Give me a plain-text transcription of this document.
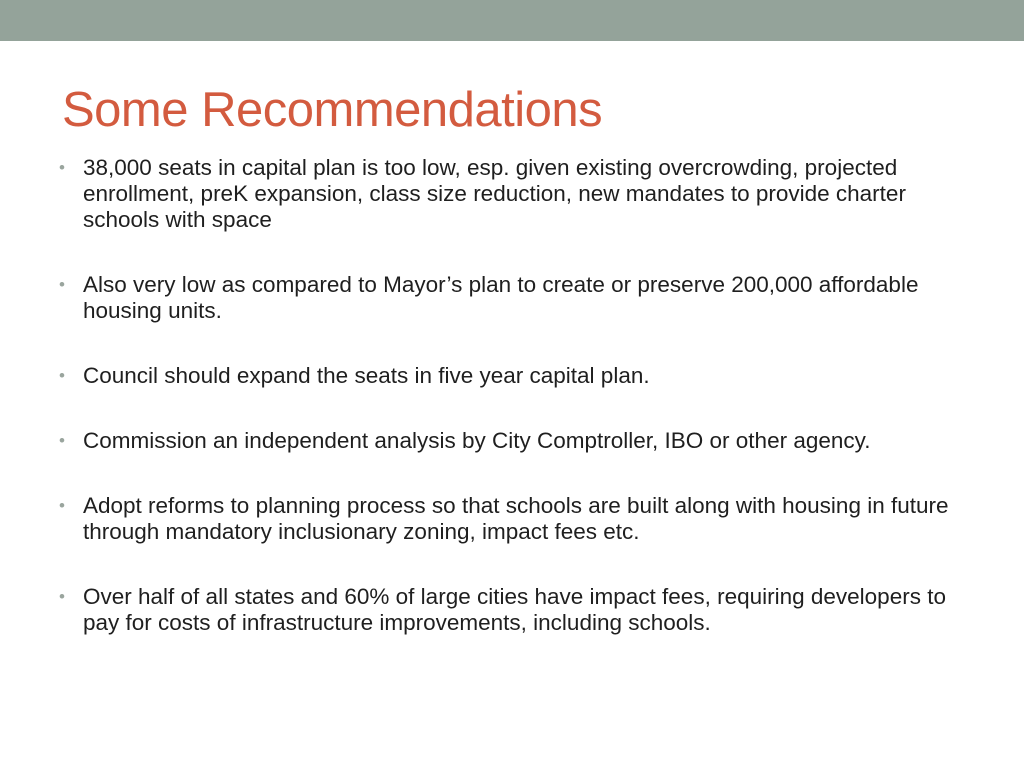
Some Recommendations
• 38,000 seats in capital plan is too low, esp. given existing overcrowding, projected enrollment, preK expansion, class size reduction, new mandates to provide charter schools with space
• Also very low as compared to Mayor’s plan to create or preserve 200,000 affordable housing units.
• Council should expand the seats in five year capital plan.
• Commission an independent analysis by City Comptroller, IBO or other agency.
• Adopt reforms to planning process so that schools are built along with housing in future through mandatory inclusionary zoning, impact fees etc.
• Over half of all states and 60% of large cities have impact fees, requiring developers to pay for costs of infrastructure improvements, including schools.
